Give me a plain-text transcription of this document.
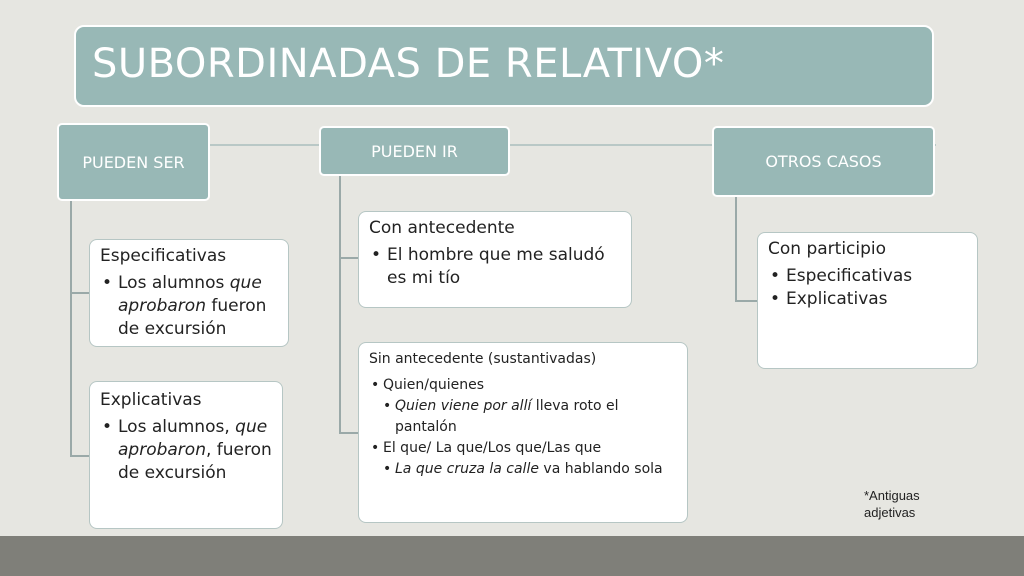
SUBORDINADAS DE RELATIVO*
PUEDEN SER
PUEDEN IR
OTROS CASOS
Especificativas
• Los alumnos que aprobaron fueron de excursión
Explicativas
• Los alumnos, que aprobaron, fueron de excursión
Con antecedente
• El hombre que me saludó es mi tío
Sin antecedente (sustantivadas)
• Quien/quienes
• Quien viene por allí lleva roto el pantalón
• El que/ La que/Los que/Las que
• La que cruza la calle va hablando sola
Con participio
• Especificativas
• Explicativas
*Antiguas
adjetivas
